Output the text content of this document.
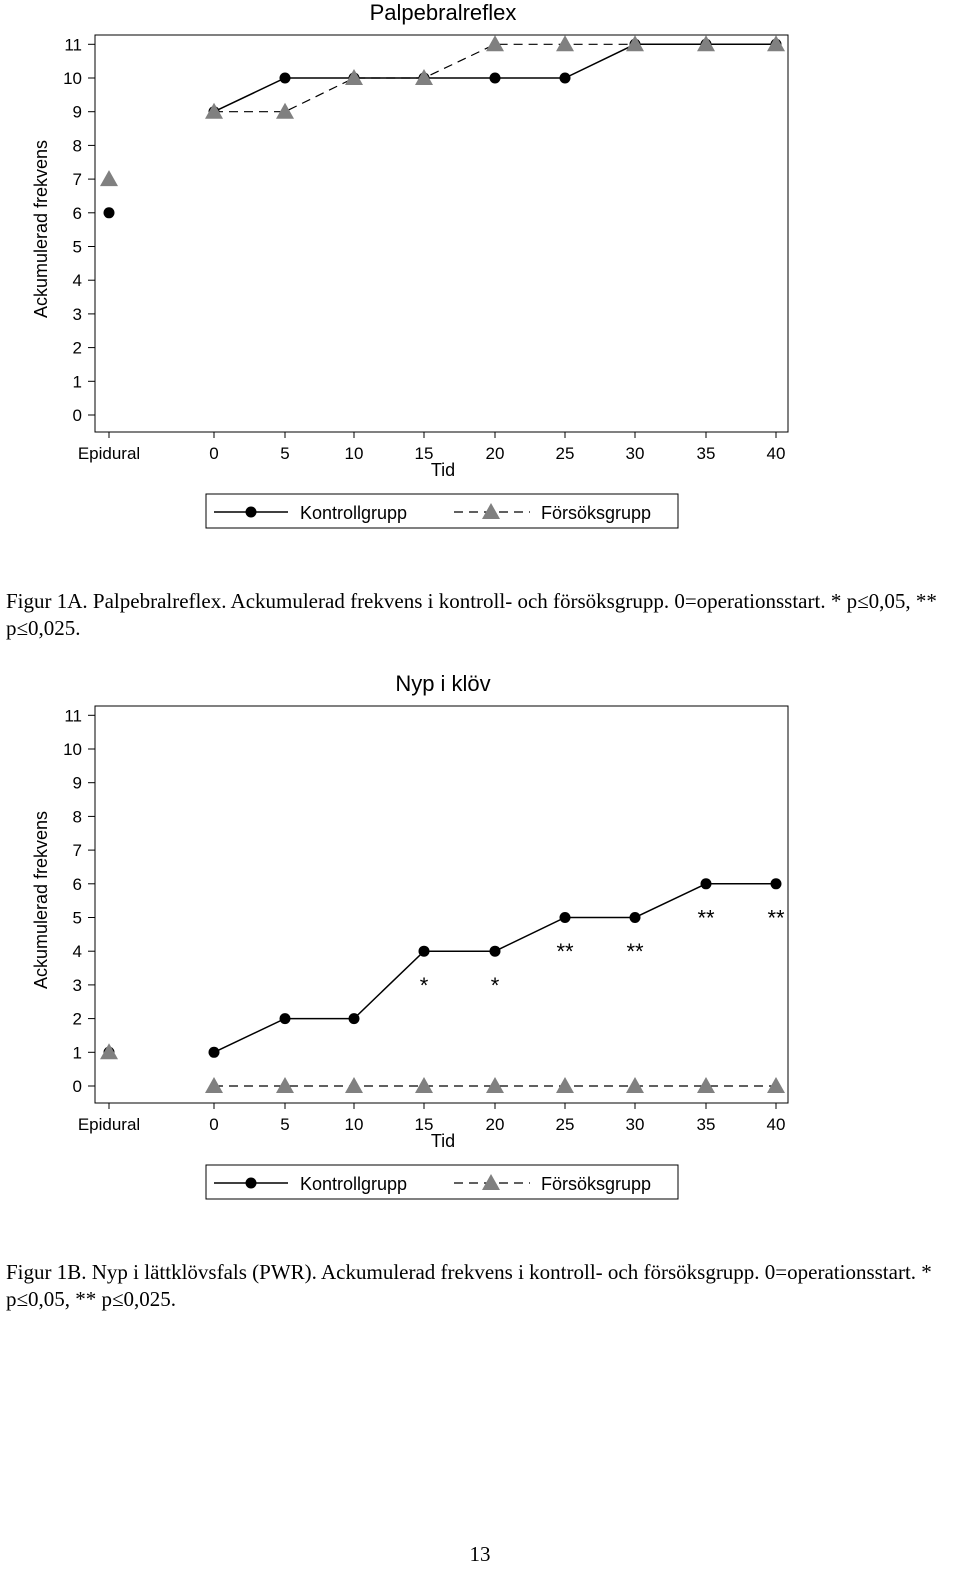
Palpebralreflex
Ackumulerad frekvens
Tid
Kontrollgrupp	Försöksgrupp
0
1
2
3
4
5
6
7
8
9
10
11
Epidural	0	5	10	15	20	25	30	35	40

Figur 1A. Palpebralreflex. Ackumulerad frekvens i kontroll- och försöksgrupp. 0=operationsstart. * p≤0,05, ** p≤0,025.

Nyp i klöv
Ackumulerad frekvens
Tid
Kontrollgrupp	Försöksgrupp
0
1
2
3
4
5
6
7
8
9
10
11
Epidural	0	5	10	15	20	25	30	35	40
*	*
** **
** **

Figur 1B. Nyp i lättklövsfals (PWR). Ackumulerad frekvens i kontroll- och försöksgrupp. 0=operationsstart. * p≤0,05, ** p≤0,025.

13
